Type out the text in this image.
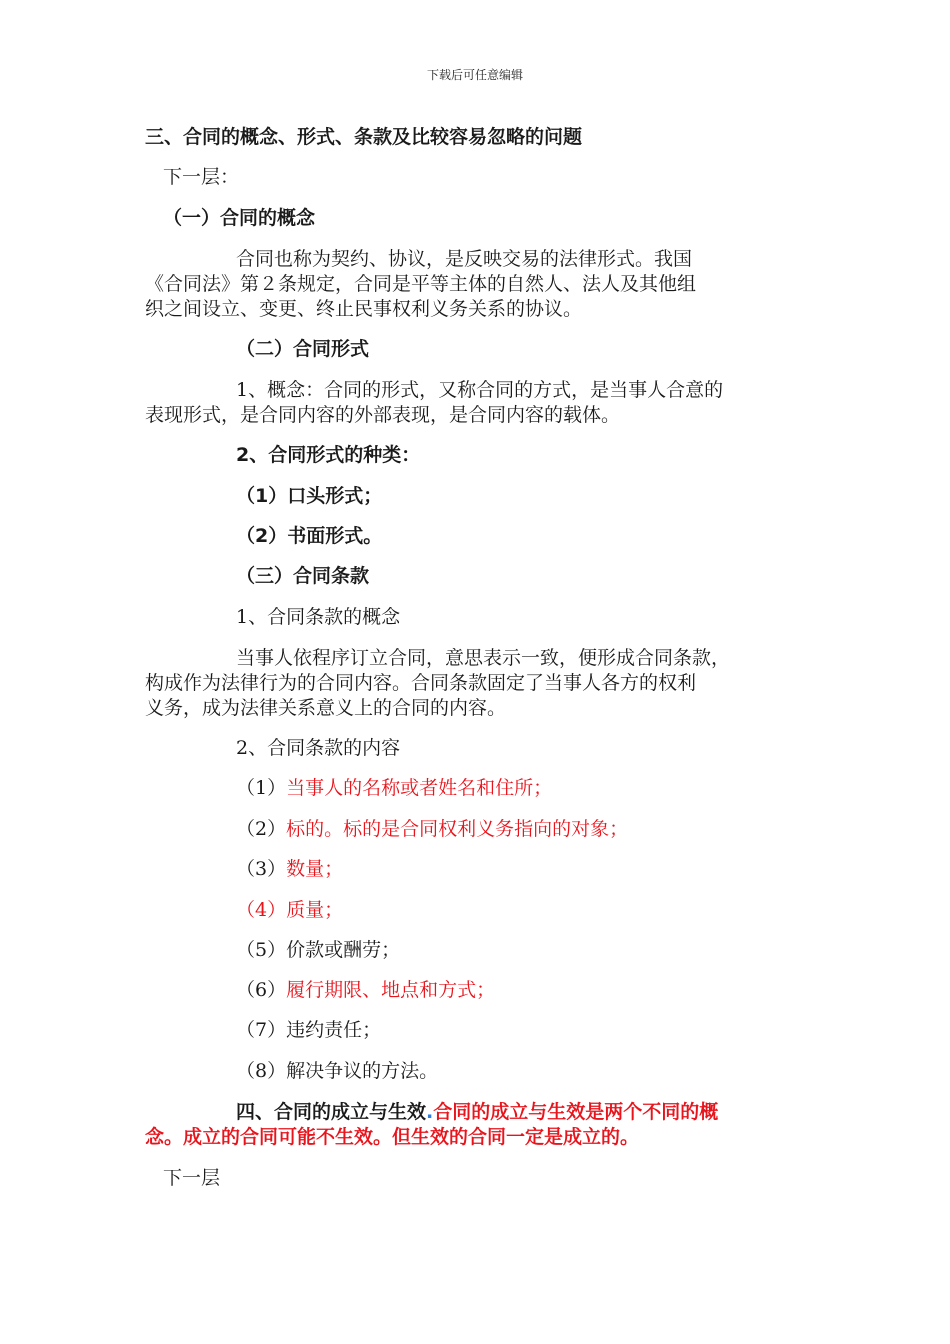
下载后可任意编辑
三、合同的概念、形式、条款及比较容易忽略的问题
下一层：
（一）合同的概念
合同也称为契约、协议，是反映交易的法律形式。我国
《合同法》第２条规定，合同是平等主体的自然人、法人及其他组
织之间设立、变更、终止民事权利义务关系的协议。
（二）合同形式
1、概念：合同的形式，又称合同的方式，是当事人合意的
表现形式，是合同内容的外部表现，是合同内容的载体。
2、合同形式的种类：
（1）口头形式；
（2）书面形式。
（三）合同条款
1、合同条款的概念
当事人依程序订立合同，意思表示一致，便形成合同条款，
构成作为法律行为的合同内容。合同条款固定了当事人各方的权利
义务，成为法律关系意义上的合同的内容。
2、合同条款的内容
（1）当事人的名称或者姓名和住所；
（2）标的。标的是合同权利义务指向的对象；
（3）数量；
（4）质量；
（5）价款或酬劳；
（6）履行期限、地点和方式；
（7）违约责任；
（8）解决争议的方法。
四、合同的成立与生效.合同的成立与生效是两个不同的概
念。成立的合同可能不生效。但生效的合同一定是成立的。
下一层
